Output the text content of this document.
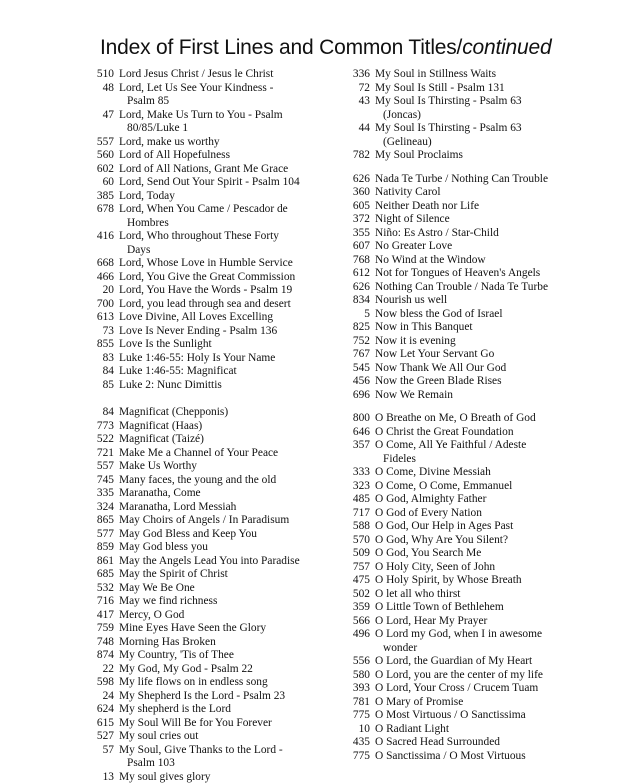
Index of First Lines and Common Titles/continued
510 Lord Jesus Christ / Jesus le Christ
48 Lord, Let Us See Your Kindness -
Psalm 85
47 Lord, Make Us Turn to You - Psalm
80/85/Luke 1
557 Lord, make us worthy
560 Lord of All Hopefulness
602 Lord of All Nations, Grant Me Grace
60 Lord, Send Out Your Spirit - Psalm 104
385 Lord, Today
678 Lord, When You Came / Pescador de
Hombres
416 Lord, Who throughout These Forty
Days
668 Lord, Whose Love in Humble Service
466 Lord, You Give the Great Commission
20 Lord, You Have the Words - Psalm 19
700 Lord, you lead through sea and desert
613 Love Divine, All Loves Excelling
73 Love Is Never Ending - Psalm 136
855 Love Is the Sunlight
83 Luke 1:46-55: Holy Is Your Name
84 Luke 1:46-55: Magnificat
85 Luke 2: Nunc Dimittis
84 Magnificat (Chepponis)
773 Magnificat (Haas)
522 Magnificat (Taizé)
721 Make Me a Channel of Your Peace
557 Make Us Worthy
745 Many faces, the young and the old
335 Maranatha, Come
324 Maranatha, Lord Messiah
865 May Choirs of Angels / In Paradisum
577 May God Bless and Keep You
859 May God bless you
861 May the Angels Lead You into Paradise
685 May the Spirit of Christ
532 May We Be One
716 May we find richness
417 Mercy, O God
759 Mine Eyes Have Seen the Glory
748 Morning Has Broken
874 My Country, 'Tis of Thee
22 My God, My God - Psalm 22
598 My life flows on in endless song
24 My Shepherd Is the Lord - Psalm 23
624 My shepherd is the Lord
615 My Soul Will Be for You Forever
527 My soul cries out
57 My Soul, Give Thanks to the Lord -
Psalm 103
13 My soul gives glory
336 My Soul in Stillness Waits
72 My Soul Is Still - Psalm 131
43 My Soul Is Thirsting - Psalm 63
(Joncas)
44 My Soul Is Thirsting - Psalm 63
(Gelineau)
782 My Soul Proclaims
626 Nada Te Turbe / Nothing Can Trouble
360 Nativity Carol
605 Neither Death nor Life
372 Night of Silence
355 Niño: Es Astro / Star-Child
607 No Greater Love
768 No Wind at the Window
612 Not for Tongues of Heaven's Angels
626 Nothing Can Trouble / Nada Te Turbe
834 Nourish us well
5 Now bless the God of Israel
825 Now in This Banquet
752 Now it is evening
767 Now Let Your Servant Go
545 Now Thank We All Our God
456 Now the Green Blade Rises
696 Now We Remain
800 O Breathe on Me, O Breath of God
646 O Christ the Great Foundation
357 O Come, All Ye Faithful / Adeste
Fideles
333 O Come, Divine Messiah
323 O Come, O Come, Emmanuel
485 O God, Almighty Father
717 O God of Every Nation
588 O God, Our Help in Ages Past
570 O God, Why Are You Silent?
509 O God, You Search Me
757 O Holy City, Seen of John
475 O Holy Spirit, by Whose Breath
502 O let all who thirst
359 O Little Town of Bethlehem
566 O Lord, Hear My Prayer
496 O Lord my God, when I in awesome
wonder
556 O Lord, the Guardian of My Heart
580 O Lord, you are the center of my life
393 O Lord, Your Cross / Crucem Tuam
781 O Mary of Promise
775 O Most Virtuous / O Sanctissima
10 O Radiant Light
435 O Sacred Head Surrounded
775 O Sanctissima / O Most Virtuous
